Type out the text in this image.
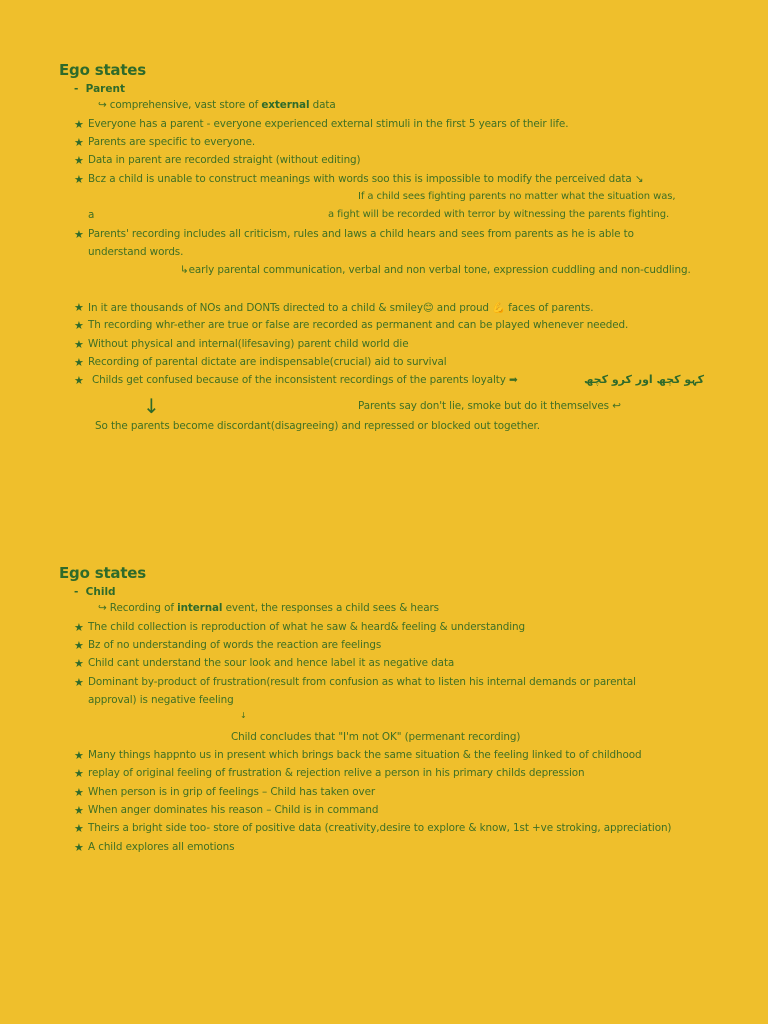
Ego states
-  Parent
↪ comprehensive, vast store of external data
★ Everyone has a parent - everyone experienced external stimuli in the first 5 years of their life.
★ Parents are specific to everyone.
★ Data in parent are recorded straight (without editing)
★ Bcz a child is unable to construct meanings with words soo this is impossible to modify the perceived data ↘
If a child sees fighting parents no matter what the situation was,
a	a fight will be recorded with terror by witnessing the parents fighting.
★ Parents' recording includes all criticism, rules and laws a child hears and sees from parents as he is able to
understand words.
↳early parental communication, verbal and non verbal tone, expression cuddling and non-cuddling.
★ In it are thousands of NOs and DONTs directed to a child & smiley😊 and proud 💪 faces of parents.
★ Th recording whr-ether are true or false are recorded as permanent and can be played whenever needed.
★ Without physical and internal(lifesaving) parent child world die
★ Recording of parental dictate are indispensable(crucial) aid to survival
★ Childs get confused because of the inconsistent recordings of the parents loyalty ➡	کہو کچھ اور کرو کچھ
↓	Parents say don't lie, smoke but do it themselves ↩
So the parents become discordant(disagreeing) and repressed or blocked out together.
Ego states
-  Child
↪ Recording of internal event, the responses a child sees & hears
★ The child collection is reproduction of what he saw & heard& feeling & understanding
★ Bz of no understanding of words the reaction are feelings
★ Child cant understand the sour look and hence label it as negative data
★ Dominant by-product of frustration(result from confusion as what to listen his internal demands or parental
approval) is negative feeling
↓
Child concludes that "I'm not OK" (permenant recording)
★ Many things happnto us in present which brings back the same situation & the feeling linked to of childhood
★ replay of original feeling of frustration & rejection relive a person in his primary childs depression
★ When person is in grip of feelings – Child has taken over
★ When anger dominates his reason – Child is in command
★ Theirs a bright side too- store of positive data (creativity,desire to explore & know, 1st +ve stroking, appreciation)
★ A child explores all emotions
